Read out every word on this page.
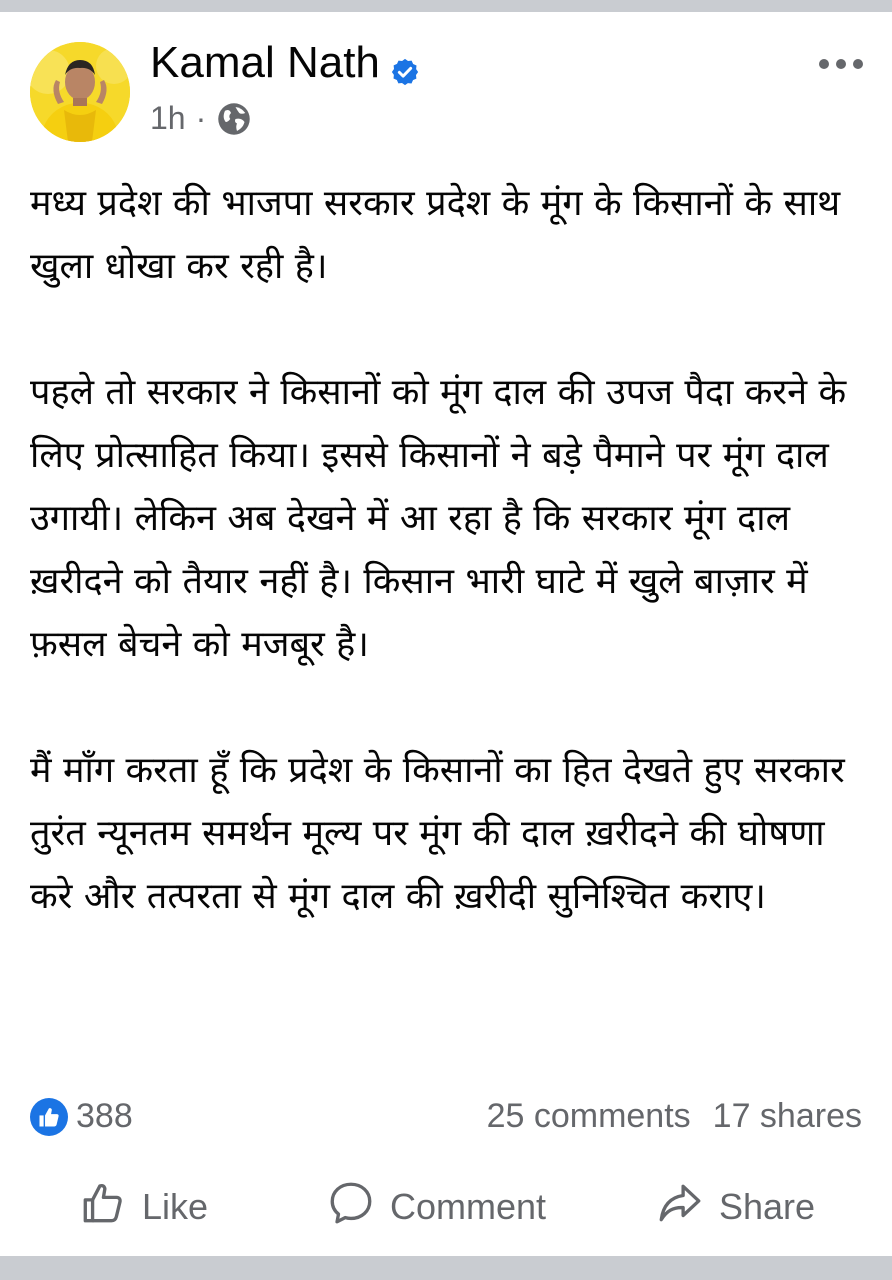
Kamal Nath
1h ·

मध्य प्रदेश की भाजपा सरकार प्रदेश के मूंग के किसानों के साथ खुला धोखा कर रही है।

पहले तो सरकार ने किसानों को मूंग दाल की उपज पैदा करने के लिए प्रोत्साहित किया। इससे किसानों ने बड़े पैमाने पर मूंग दाल उगायी। लेकिन अब देखने में आ रहा है कि सरकार मूंग दाल ख़रीदने को तैयार नहीं है। किसान भारी घाटे में खुले बाज़ार में फ़सल बेचने को मजबूर है।

मैं माँग करता हूँ कि प्रदेश के किसानों का हित देखते हुए सरकार तुरंत न्यूनतम समर्थन मूल्य पर मूंग की दाल ख़रीदने की घोषणा करे और तत्परता से मूंग दाल की ख़रीदी सुनिश्चित कराए।

388	25 comments 17 shares
Like	Comment	Share
